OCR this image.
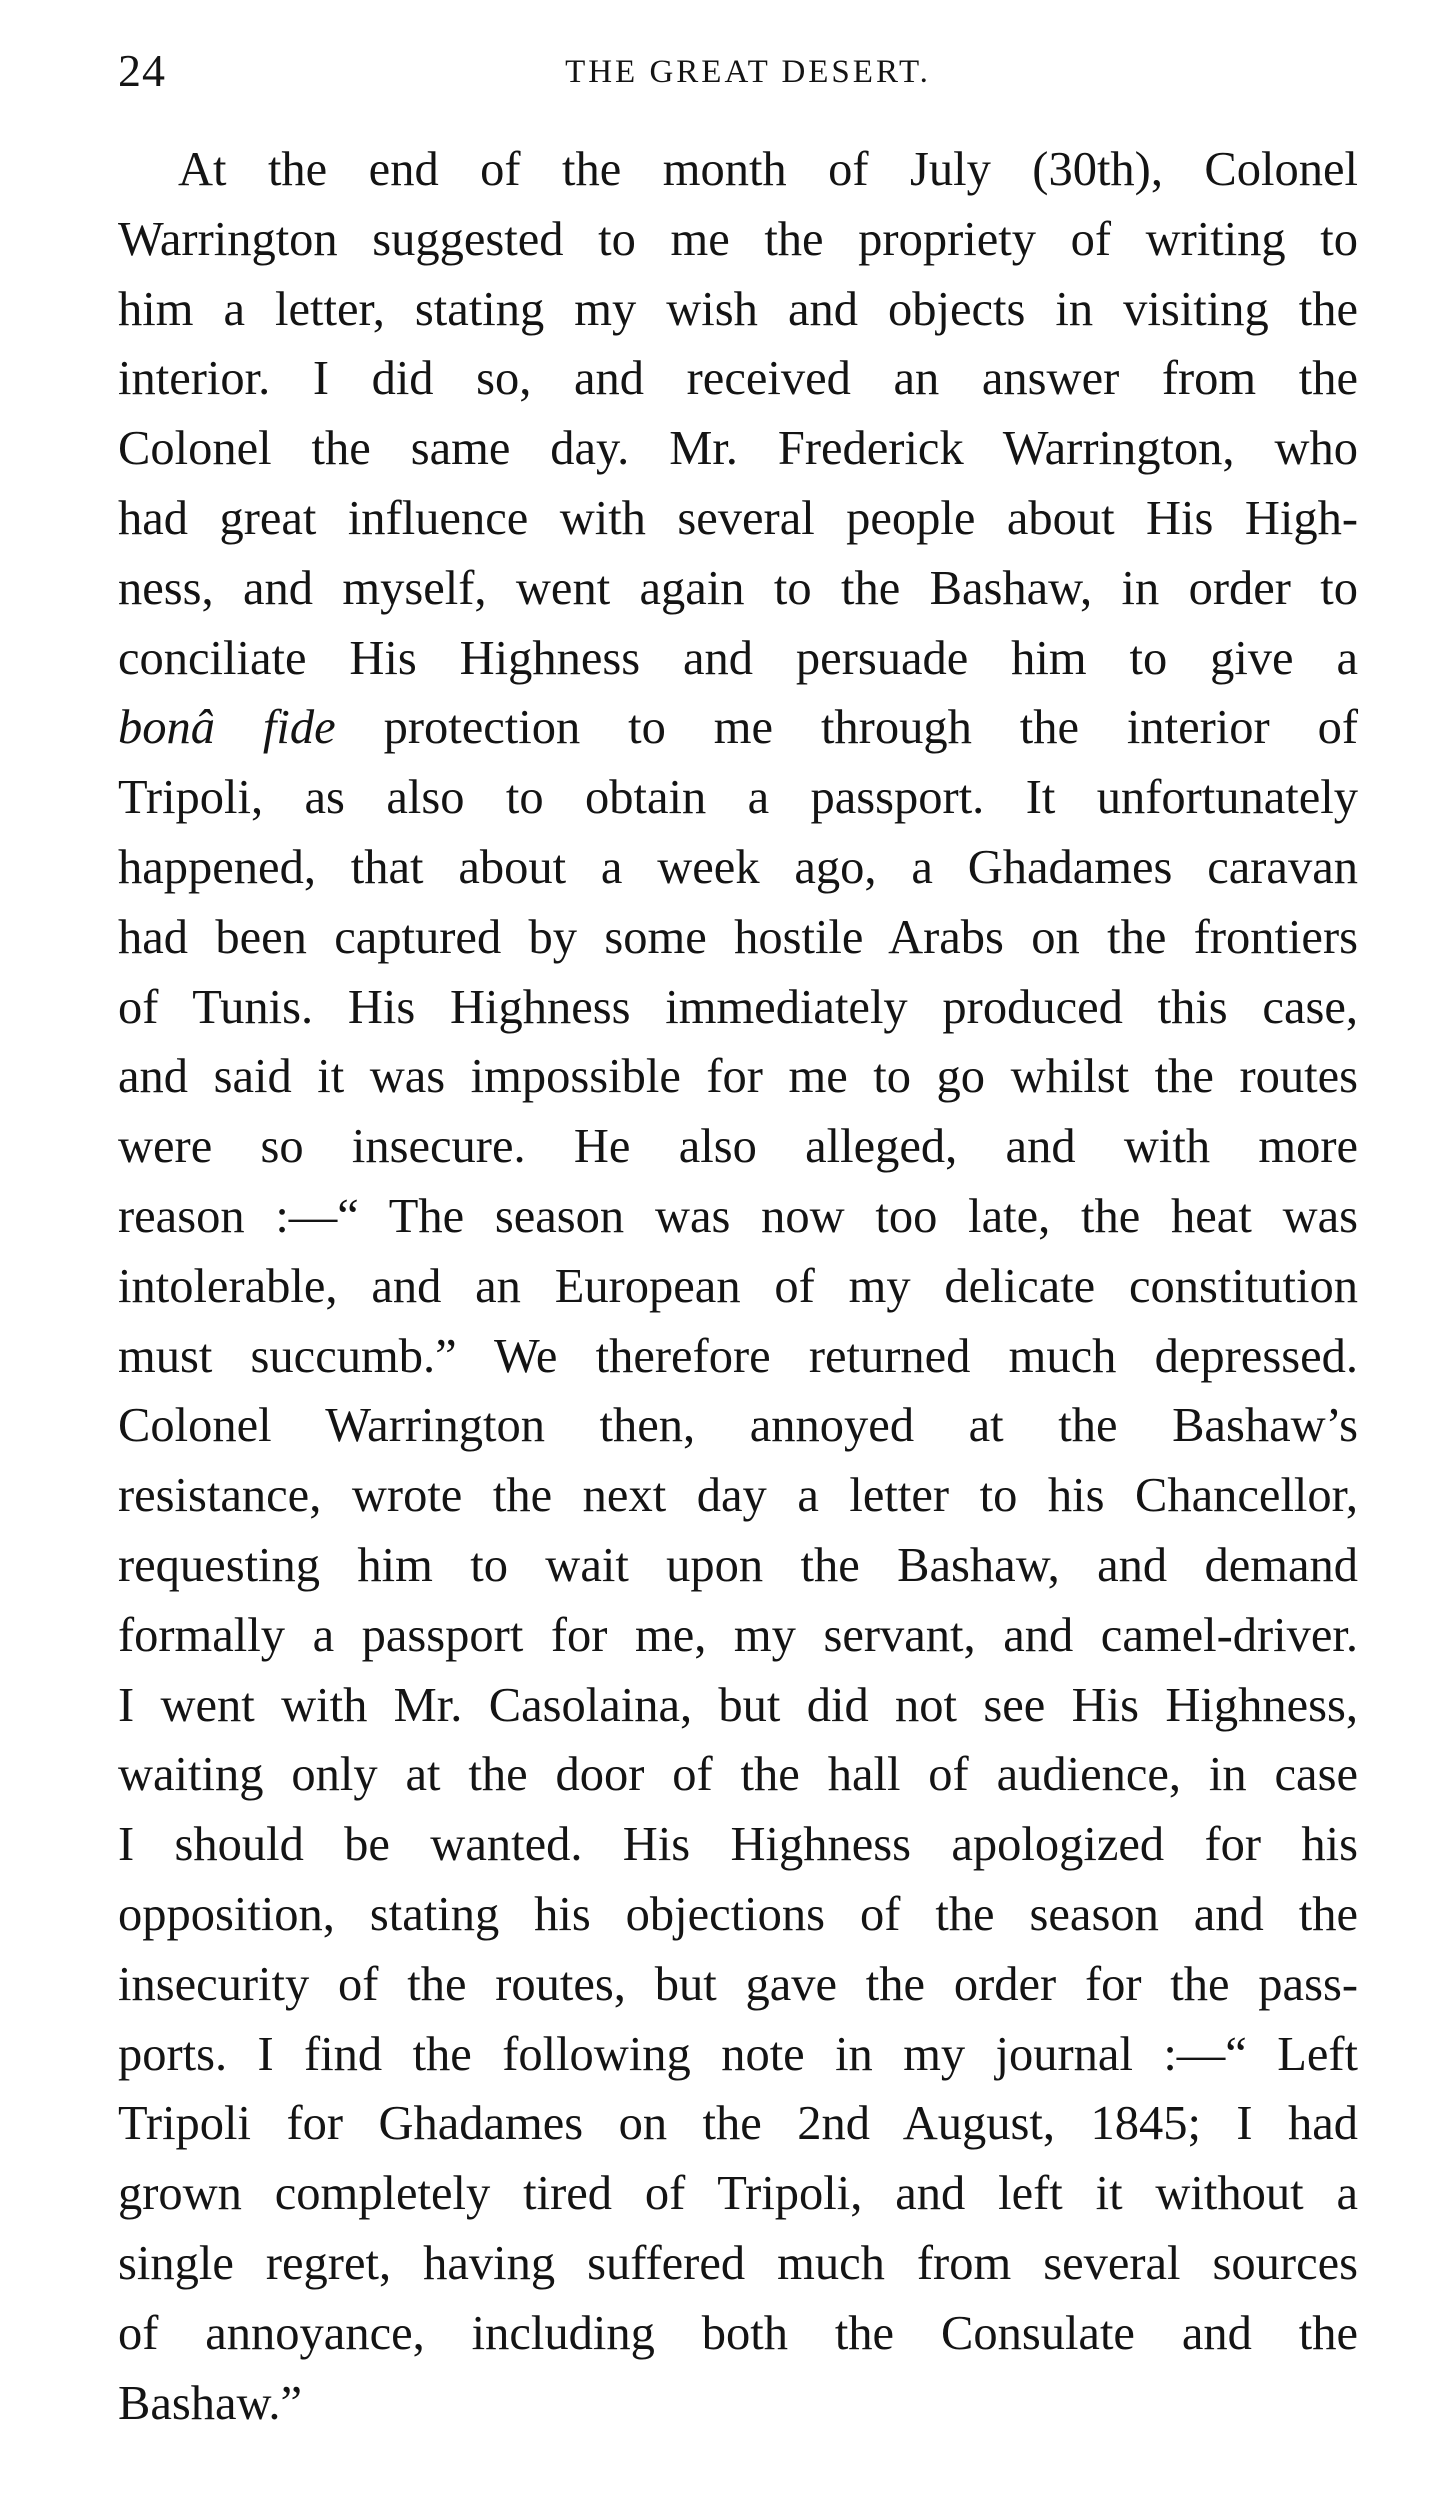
24	THE GREAT DESERT.
At the end of the month of July (30th), Colonel
Warrington suggested to me the propriety of writing to
him a letter, stating my wish and objects in visiting the
interior. I did so, and received an answer from the
Colonel the same day. Mr. Frederick Warrington, who
had great influence with several people about His High-
ness, and myself, went again to the Bashaw, in order to
conciliate His Highness and persuade him to give a
bonâ fide protection to me through the interior of
Tripoli, as also to obtain a passport. It unfortunately
happened, that about a week ago, a Ghadames caravan
had been captured by some hostile Arabs on the frontiers
of Tunis. His Highness immediately produced this case,
and said it was impossible for me to go whilst the routes
were so insecure. He also alleged, and with more
reason :—“ The season was now too late, the heat was
intolerable, and an European of my delicate constitution
must succumb.” We therefore returned much depressed.
Colonel Warrington then, annoyed at the Bashaw’s
resistance, wrote the next day a letter to his Chancellor,
requesting him to wait upon the Bashaw, and demand
formally a passport for me, my servant, and camel-driver.
I went with Mr. Casolaina, but did not see His Highness,
waiting only at the door of the hall of audience, in case
I should be wanted. His Highness apologized for his
opposition, stating his objections of the season and the
insecurity of the routes, but gave the order for the pass-
ports. I find the following note in my journal :—“ Left
Tripoli for Ghadames on the 2nd August, 1845; I had
grown completely tired of Tripoli, and left it without a
single regret, having suffered much from several sources
of annoyance, including both the Consulate and the
Bashaw.”
